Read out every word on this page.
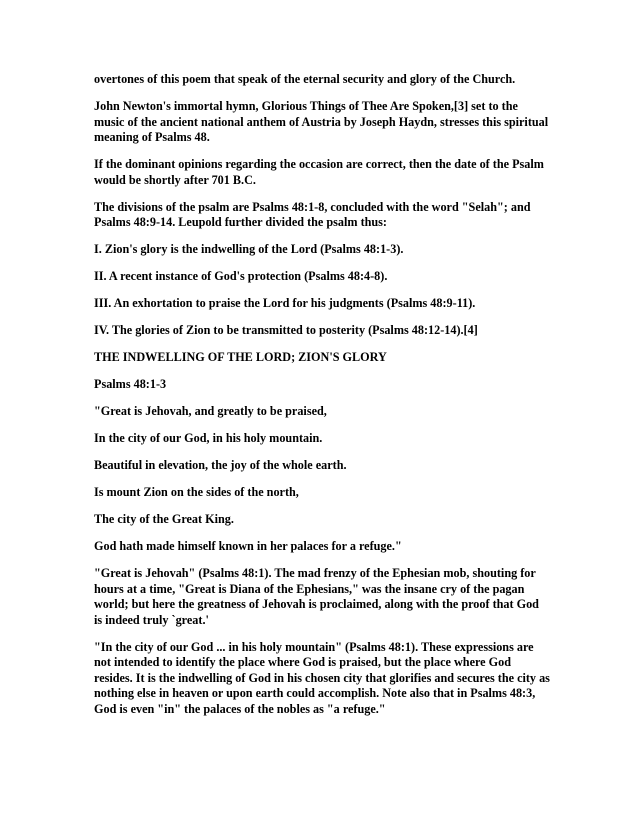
overtones of this poem that speak of the eternal security and glory of the Church.

John Newton's immortal hymn, Glorious Things of Thee Are Spoken,[3] set to the music of the ancient national anthem of Austria by Joseph Haydn, stresses this spiritual meaning of Psalms 48.

If the dominant opinions regarding the occasion are correct, then the date of the Psalm would be shortly after 701 B.C.

The divisions of the psalm are Psalms 48:1-8, concluded with the word "Selah"; and Psalms 48:9-14. Leupold further divided the psalm thus:

I. Zion's glory is the indwelling of the Lord (Psalms 48:1-3).

II. A recent instance of God's protection (Psalms 48:4-8).

III. An exhortation to praise the Lord for his judgments (Psalms 48:9-11).

IV. The glories of Zion to be transmitted to posterity (Psalms 48:12-14).[4]

THE INDWELLING OF THE LORD; ZION'S GLORY

Psalms 48:1-3

"Great is Jehovah, and greatly to be praised,

In the city of our God, in his holy mountain.

Beautiful in elevation, the joy of the whole earth.

Is mount Zion on the sides of the north,

The city of the Great King.

God hath made himself known in her palaces for a refuge."

"Great is Jehovah" (Psalms 48:1). The mad frenzy of the Ephesian mob, shouting for hours at a time, "Great is Diana of the Ephesians," was the insane cry of the pagan world; but here the greatness of Jehovah is proclaimed, along with the proof that God is indeed truly `great.'

"In the city of our God ... in his holy mountain" (Psalms 48:1). These expressions are not intended to identify the place where God is praised, but the place where God resides. It is the indwelling of God in his chosen city that glorifies and secures the city as nothing else in heaven or upon earth could accomplish. Note also that in Psalms 48:3, God is even "in" the palaces of the nobles as "a refuge."
